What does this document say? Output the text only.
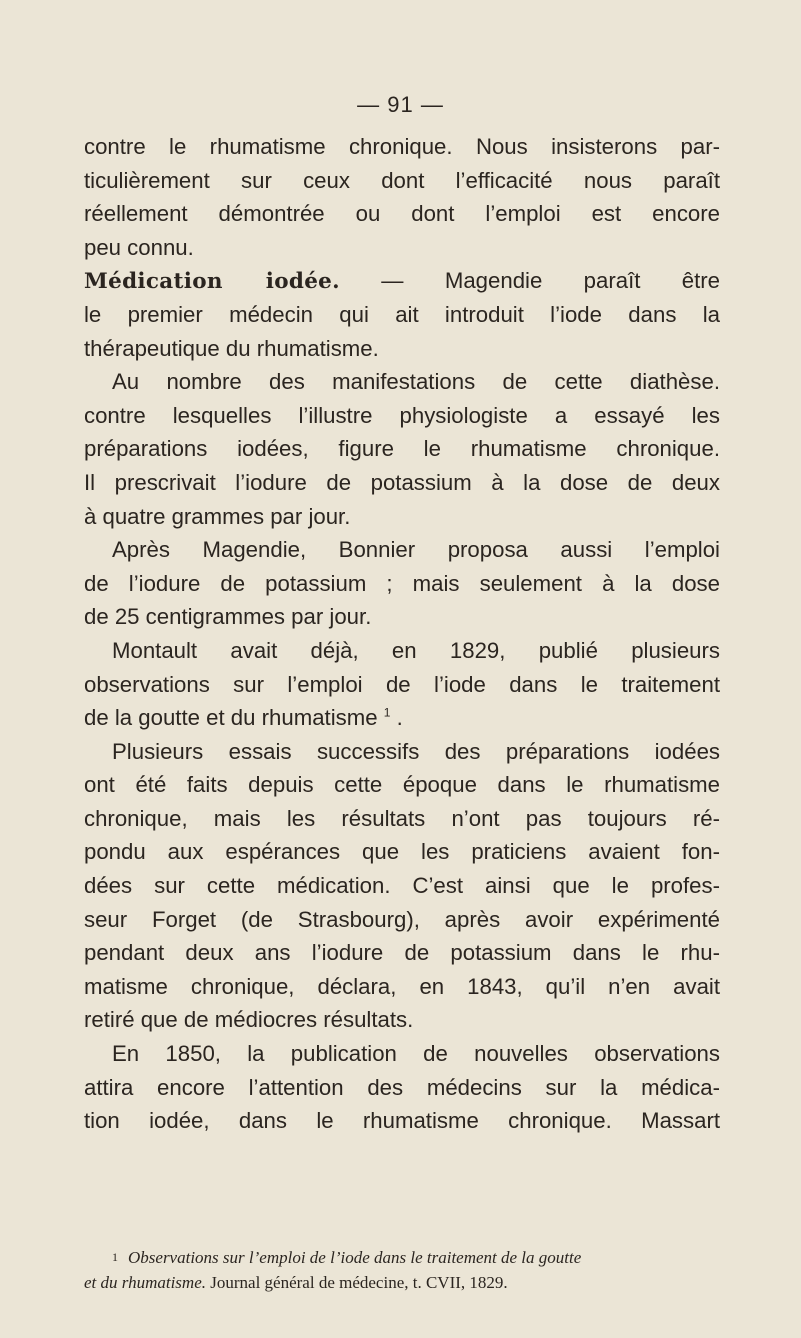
— 91 —
contre le rhumatisme chronique. Nous insisterons par-
ticulièrement sur ceux dont l’efficacité nous paraît
réellement démontrée ou dont l’emploi est encore
peu connu.
Médication iodée. — Magendie paraît être
le premier médecin qui ait introduit l’iode dans la
thérapeutique du rhumatisme.
Au nombre des manifestations de cette diathèse.
contre lesquelles l’illustre physiologiste a essayé les
préparations iodées, figure le rhumatisme chronique.
Il prescrivait l’iodure de potassium à la dose de deux
à quatre grammes par jour.
Après Magendie, Bonnier proposa aussi l’emploi
de l’iodure de potassium ; mais seulement à la dose
de 25 centigrammes par jour.
Montault avait déjà, en 1829, publié plusieurs
observations sur l’emploi de l’iode dans le traitement
de la goutte et du rhumatisme $^1$ .
Plusieurs essais successifs des préparations iodées
ont été faits depuis cette époque dans le rhumatisme
chronique, mais les résultats n’ont pas toujours ré-
pondu aux espérances que les praticiens avaient fon-
dées sur cette médication. C’est ainsi que le profes-
seur Forget (de Strasbourg), après avoir expérimenté
pendant deux ans l’iodure de potassium dans le rhu-
matisme chronique, déclara, en 1843, qu’il n’en avait
retiré que de médiocres résultats.
En 1850, la publication de nouvelles observations
attira encore l’attention des médecins sur la médica-
tion iodée, dans le rhumatisme chronique. Massart
$^1$ Observations sur l’emploi de l’iode dans le traitement de la goutte
et du rhumatisme. Journal général de médecine, t. CVII, 1829.
